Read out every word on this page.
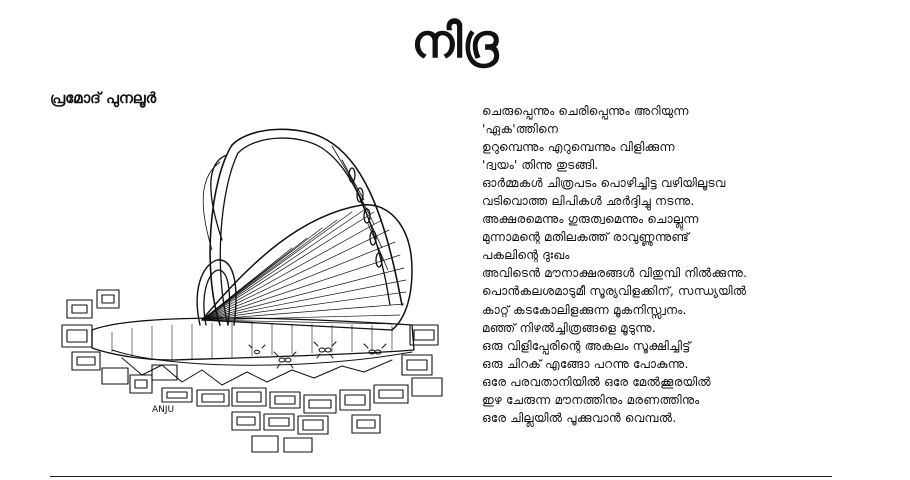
നിദ്ര
പ്രമോദ് പുനലൂർ
ANJU
ചെരുപ്പെന്നും ചെരിപ്പെന്നും അറിയുന്ന
'ഏക'ത്തിനെ
ഉറുമ്പെന്നും എറുമ്പെന്നും വിളിക്കുന്ന
'ദ്വയം' തിന്നു തുടങ്ങി.
ഓർമ്മകൾ ചിത്രപടം പൊഴിച്ചിട്ട വഴിയിലൂടവ
വടിവൊത്ത ലിപികൾ ഛർദ്ദിച്ചു നടന്നു.
അക്ഷരമെന്നും ഗുരുത്വമെന്നും ചൊല്ലുന്ന
മുന്നാമന്റെ മതിലകത്ത് രാവുണ്ണുന്നുണ്ട്
പകലിന്റെ ദുഃഖം
അവിടെൻ മൗനാക്ഷരങ്ങൾ വിതുമ്പി നിൽക്കുന്നു.
പൊൻകലശമാടുമീ സൂര്യവിളക്കിന്, സന്ധ്യയിൽ
കാറ്റ് കടകോലിളക്കുന്ന മൂകനിസ്സ്വനം.
മഞ്ഞ് നിഴൽച്ചിത്രങ്ങളെ മൂടുന്നു.
ഒരു വിളിപ്പേരിന്റെ അകലം സൂക്ഷിച്ചിട്ട്
ഒരു ചിറക് എങ്ങോ പറന്നു പോകുന്നു.
ഒരേ പരവതാനിയിൽ ഒരേ മേൽക്കൂരയിൽ
ഇഴ ചേരുന്ന മൗനത്തിനും മരണത്തിനും
ഒരേ ചില്ലയിൽ പൂക്കുവാൻ വെമ്പൽ.
